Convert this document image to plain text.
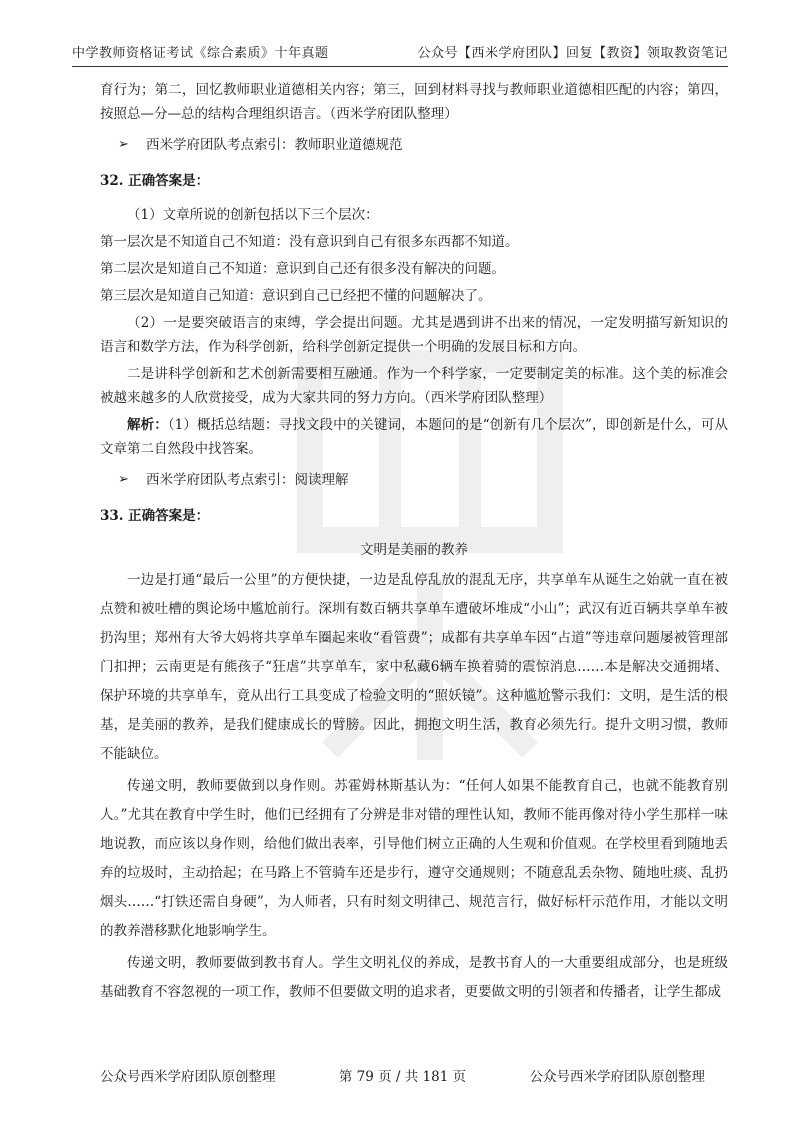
中学教师资格证考试《综合素质》十年真题	公众号【西米学府团队】回复【教资】领取教资笔记

育行为；第二，回忆教师职业道德相关内容；第三，回到材料寻找与教师职业道德相匹配的内容；第四，按照总—分—总的结构合理组织语言。（西米学府团队整理）

➢	西米学府团队考点索引：教师职业道德规范
32. 正确答案是：

（1）文章所说的创新包括以下三个层次：

第一层次是不知道自己不知道：没有意识到自己有很多东西都不知道。

第二层次是知道自己不知道：意识到自己还有很多没有解决的问题。

第三层次是知道自己知道：意识到自己已经把不懂的问题解决了。

（2）一是要突破语言的束缚，学会提出问题。尤其是遇到讲不出来的情况，一定发明描写新知识的语言和数学方法，作为科学创新，给科学创新定提供一个明确的发展目标和方向。

二是讲科学创新和艺术创新需要相互融通。作为一个科学家，一定要制定美的标准。这个美的标准会被越来越多的人欣赏接受，成为大家共同的努力方向。（西米学府团队整理）

解析：（1）概括总结题：寻找文段中的关键词，本题问的是“创新有几个层次”，即创新是什么，可从文章第二自然段中找答案。

➢	西米学府团队考点索引：阅读理解
33. 正确答案是：
文明是美丽的教养

一边是打通“最后一公里”的方便快捷，一边是乱停乱放的混乱无序，共享单车从诞生之始就一直在被点赞和被吐槽的舆论场中尴尬前行。深圳有数百辆共享单车遭破坏堆成“小山”；武汉有近百辆共享单车被扔沟里；郑州有大爷大妈将共享单车圈起来收“看管费”；成都有共享单车因“占道”等违章问题屡被管理部门扣押；云南更是有熊孩子“狂虐”共享单车，家中私藏6辆车换着骑的震惊消息……本是解决交通拥堵、保护环境的共享单车，竟从出行工具变成了检验文明的“照妖镜”。这种尴尬警示我们：文明，是生活的根基，是美丽的教养，是我们健康成长的臂膀。因此，拥抱文明生活，教育必须先行。提升文明习惯，教师不能缺位。

传递文明，教师要做到以身作则。苏霍姆林斯基认为：“任何人如果不能教育自己，也就不能教育别人。”尤其在教育中学生时，他们已经拥有了分辨是非对错的理性认知，教师不能再像对待小学生那样一味地说教，而应该以身作则，给他们做出表率，引导他们树立正确的人生观和价值观。在学校里看到随地丢弃的垃圾时，主动拾起；在马路上不管骑车还是步行，遵守交通规则；不随意乱丢杂物、随地吐痰、乱扔烟头……“打铁还需自身硬”，为人师者，只有时刻文明律己、规范言行，做好标杆示范作用，才能以文明的教养潜移默化地影响学生。

传递文明，教师要做到教书育人。学生文明礼仪的养成，是教书育人的一大重要组成部分，也是班级基础教育不容忽视的一项工作，教师不但要做文明的追求者，更要做文明的引领者和传播者，让学生都成

公众号西米学府团队原创整理	第 79 页 / 共 181 页	公众号西米学府团队原创整理
